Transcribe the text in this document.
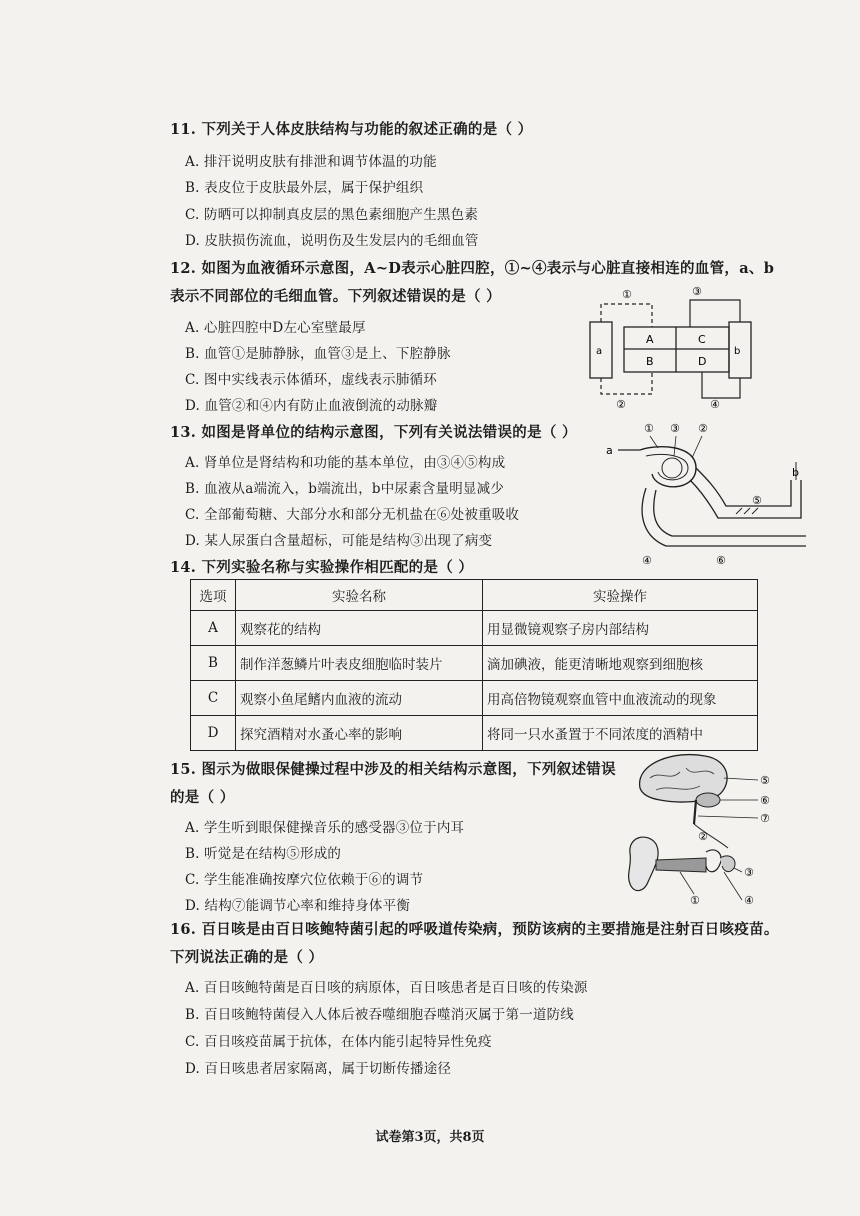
11. 下列关于人体皮肤结构与功能的叙述正确的是（ ）
A. 排汗说明皮肤有排泄和调节体温的功能
B. 表皮位于皮肤最外层，属于保护组织
C. 防晒可以抑制真皮层的黑色素细胞产生黑色素
D. 皮肤损伤流血，说明伤及生发层内的毛细血管
12. 如图为血液循环示意图，A~D表示心脏四腔，①~④表示与心脏直接相连的血管，a、b
表示不同部位的毛细血管。下列叙述错误的是（ ）
A. 心脏四腔中D左心室壁最厚
B. 血管①是肺静脉，血管③是上、下腔静脉
C. 图中实线表示体循环，虚线表示肺循环
D. 血管②和④内有防止血液倒流的动脉瓣
A	C
B	D
a	b
①	③
②	④
13. 如图是肾单位的结构示意图，下列有关说法错误的是（ ）
A. 肾单位是肾结构和功能的基本单位，由③④⑤构成
B. 血液从a端流入，b端流出，b中尿素含量明显减少
C. 全部葡萄糖、大部分水和部分无机盐在⑥处被重吸收
D. 某人尿蛋白含量超标，可能是结构③出现了病变
① ③ ②
a
b
⑤
④	⑥
14. 下列实验名称与实验操作相匹配的是（ ）
选项	实验名称	实验操作
A	观察花的结构	用显微镜观察子房内部结构
B	制作洋葱鳞片叶表皮细胞临时装片	滴加碘液，能更清晰地观察到细胞核
C	观察小鱼尾鳍内血液的流动	用高倍物镜观察血管中血液流动的现象
D	探究酒精对水蚤心率的影响	将同一只水蚤置于不同浓度的酒精中
15. 图示为做眼保健操过程中涉及的相关结构示意图，下列叙述错误
的是（ ）
A. 学生听到眼保健操音乐的感受器③位于内耳
B. 听觉是在结构⑤形成的
C. 学生能准确按摩穴位依赖于⑥的调节
D. 结构⑦能调节心率和维持身体平衡
⑤
⑥
⑦
②
③
①	④
16. 百日咳是由百日咳鲍特菌引起的呼吸道传染病，预防该病的主要措施是注射百日咳疫苗。
下列说法正确的是（ ）
A. 百日咳鲍特菌是百日咳的病原体，百日咳患者是百日咳的传染源
B. 百日咳鲍特菌侵入人体后被吞噬细胞吞噬消灭属于第一道防线
C. 百日咳疫苗属于抗体，在体内能引起特异性免疫
D. 百日咳患者居家隔离，属于切断传播途径
试卷第3页，共8页
